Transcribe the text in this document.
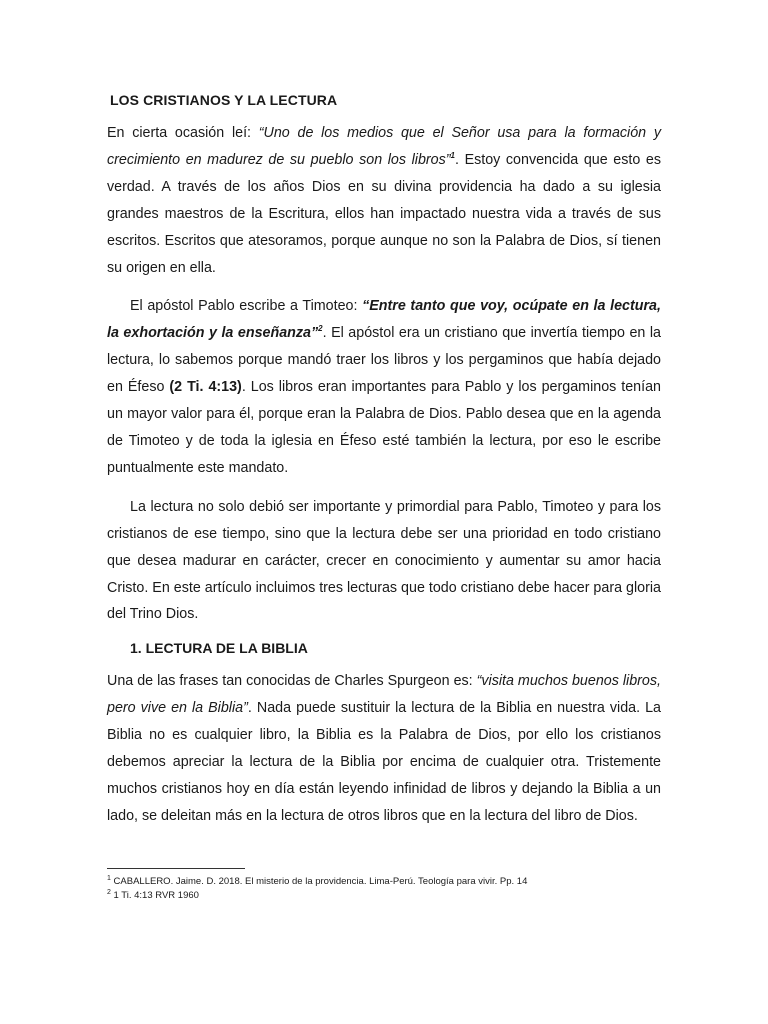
LOS CRISTIANOS Y LA LECTURA

En cierta ocasión leí: “Uno de los medios que el Señor usa para la formación y crecimiento en madurez de su pueblo son los libros”$^1$. Estoy convencida que esto es verdad. A través de los años Dios en su divina providencia ha dado a su iglesia grandes maestros de la Escritura, ellos han impactado nuestra vida a través de sus escritos. Escritos que atesoramos, porque aunque no son la Palabra de Dios, sí tienen su origen en ella.

El apóstol Pablo escribe a Timoteo: “Entre tanto que voy, ocúpate en la lectura, la exhortación y la enseñanza”$^2$. El apóstol era un cristiano que invertía tiempo en la lectura, lo sabemos porque mandó traer los libros y los pergaminos que había dejado en Éfeso (2 Ti. 4:13). Los libros eran importantes para Pablo y los pergaminos tenían un mayor valor para él, porque eran la Palabra de Dios. Pablo desea que en la agenda de Timoteo y de toda la iglesia en Éfeso esté también la lectura, por eso le escribe puntualmente este mandato.

La lectura no solo debió ser importante y primordial para Pablo, Timoteo y para los cristianos de ese tiempo, sino que la lectura debe ser una prioridad en todo cristiano que desea madurar en carácter, crecer en conocimiento y aumentar su amor hacia Cristo. En este artículo incluimos tres lecturas que todo cristiano debe hacer para gloria del Trino Dios.

1. LECTURA DE LA BIBLIA

Una de las frases tan conocidas de Charles Spurgeon es: “visita muchos buenos libros, pero vive en la Biblia”. Nada puede sustituir la lectura de la Biblia en nuestra vida. La Biblia no es cualquier libro, la Biblia es la Palabra de Dios, por ello los cristianos debemos apreciar la lectura de la Biblia por encima de cualquier otra. Tristemente muchos cristianos hoy en día están leyendo infinidad de libros y dejando la Biblia a un lado, se deleitan más en la lectura de otros libros que en la lectura del libro de Dios.

$^1$ CABALLERO. Jaime. D. 2018. El misterio de la providencia. Lima-Perú. Teología para vivir. Pp. 14
$^2$ 1 Ti. 4:13 RVR 1960
